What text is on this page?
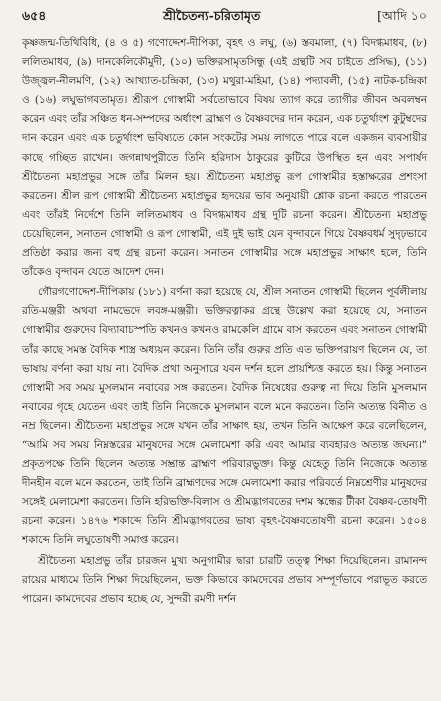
৬৫৪	শ্রীচৈতন্য-চরিতামৃত	[আদি ১০

কৃষ্ণজন্ম-তিথিবিধি, (৪ ও ৫) গণোদ্দেশ-দীপিকা, বৃহৎ ও লঘু, (৬) স্তবমালা, (৭) বিদগ্ধমাধব, (৮) ললিতমাধব, (৯) দানকেলিকৌমুদী, (১০) ভক্তিরসামৃতসিন্ধু (এই গ্রন্থটি সব চাইতে প্রসিদ্ধ), (১১) উজ্জ্বল-নীলমণি, (১২) আখ্যাত-চন্দ্রিকা, (১৩) মথুরা-মহিমা, (১৪) পদ্যাবলী, (১৫) নাটক-চন্দ্রিকা ও (১৬) লঘুভাগবতামৃত। শ্রীরূপ গোস্বামী সর্বতোভাবে বিষয় ত্যাগ করে ত্যাগীর জীবন অবলম্বন করেন এবং তাঁর সঞ্চিত ধন-সম্পদের অর্ধাংশ ব্রাহ্মণ ও বৈষ্ণবদের দান করেন, এক চতুর্থাংশ কুটুম্বদের দান করেন এবং এক চতুর্থাংশ ভবিষ্যতে কোন সংকটের সময় লাগতে পারে বলে একজন ব্যবসায়ীর কাছে গচ্ছিত রাখেন। জগন্নাথপুরীতে তিনি হরিদাস ঠাকুরের কুটিরে উপস্থিত হন এবং সপার্ষদ শ্রীচৈতন্য মহাপ্রভুর সঙ্গে তাঁর মিলন হয়। শ্রীচৈতন্য মহাপ্রভু রূপ গোস্বামীর হস্তাক্ষরের প্রশংসা করতেন। শ্রীল রূপ গোস্বামী শ্রীচৈতন্য মহাপ্রভুর হৃদয়ের ভাব অনুযায়ী শ্লোক রচনা করতে পারতেন এবং তাঁরই নির্দেশে তিনি ললিতমাধব ও বিদগ্ধমাধব গ্রন্থ দুটি রচনা করেন। শ্রীচৈতন্য মহাপ্রভু চেয়েছিলেন, সনাতন গোস্বামী ও রূপ গোস্বামী, এই দুই ভাই যেন বৃন্দাবনে গিয়ে বৈষ্ণবধর্ম সুদৃঢ়ভাবে প্রতিষ্ঠা করার জন্য বহু গ্রন্থ রচনা করেন। সনাতন গোস্বামীর সঙ্গে মহাপ্রভুর সাক্ষাৎ হলে, তিনি তাঁকেও বৃন্দাবন যেতে আদেশ দেন।

গৌরগণোদ্দেশ-দীপিকায় (১৮১) বর্ণনা করা হয়েছে যে, শ্রীল সনাতন গোস্বামী ছিলেন পূর্বলীলায় রতি-মঞ্জরী অথবা নামভেদে লবঙ্গ-মঞ্জরী। ভক্তিরত্নাকর গ্রন্থে উল্লেখ করা হয়েছে যে, সনাতন গোস্বামীর গুরুদেব বিদ্যাবাচস্পতি কখনও কখনও রামকেলি গ্রামে বাস করতেন এবং সনাতন গোস্বামী তাঁর কাছে সমস্ত বৈদিক শাস্ত্র অধ্যয়ন করেন। তিনি তাঁর গুরুর প্রতি এত ভক্তিপরায়ণ ছিলেন যে, তা ভাষায় বর্ণনা করা যায় না। বৈদিক প্রথা অনুসারে যবন দর্শন হলে প্রায়শ্চিত্ত করতে হয়। কিন্তু সনাতন গোস্বামী সব সময় মুসলমান নবাবের সঙ্গ করতেন। বৈদিক নিষেধের গুরুত্ব না দিয়ে তিনি মুসলমান নবাবের গৃহে যেতেন এবং তাই তিনি নিজেকে মুসলমান বলে মনে করতেন। তিনি অত্যন্ত বিনীত ও নম্র ছিলেন। শ্রীচৈতন্য মহাপ্রভুর সঙ্গে যখন তাঁর সাক্ষাৎ হয়, তখন তিনি আক্ষেপ করে বলেছিলেন, “আমি সব সময় নিম্নস্তরের মানুষদের সঙ্গে মেলামেশা করি এবং আমার ব্যবহারও অত্যন্ত জঘন্য।” প্রকৃতপক্ষে তিনি ছিলেন অত্যন্ত সম্ভ্রান্ত ব্রাহ্মণ পরিবারভুক্ত। কিন্তু যেহেতু তিনি নিজেকে অত্যন্ত দীনহীন বলে মনে করতেন, তাই তিনি ব্রাহ্মণদের সঙ্গে মেলামেশা করার পরিবর্তে নিম্নশ্রেণীর মানুষদের সঙ্গেই মেলামেশা করতেন। তিনি হরিভক্তি-বিলাস ও শ্রীমদ্ভাগবতের দশম স্কন্ধের টীকা বৈষ্ণব-তোষণী রচনা করেন। ১৪৭৬ শকাব্দে তিনি শ্রীমদ্ভাগবতের ভাষ্য বৃহৎ-বৈষ্ণবতোষণী রচনা করেন। ১৫০৪ শকাব্দে তিনি লঘুতোষণী সমাপ্ত করেন।

শ্রীচৈতন্য মহাপ্রভু তাঁর চারজন মুখ্য অনুগামীর দ্বারা চারটি তত্ত্ব শিক্ষা দিয়েছিলেন। রামানন্দ রায়ের মাধ্যমে তিনি শিক্ষা দিয়েছিলেন, ভক্ত কিভাবে কামদেবের প্রভাব সম্পূর্ণভাবে পরাভূত করতে পারেন। কামদেবের প্রভাব হচ্ছে যে, সুন্দরী রমণী দর্শন
